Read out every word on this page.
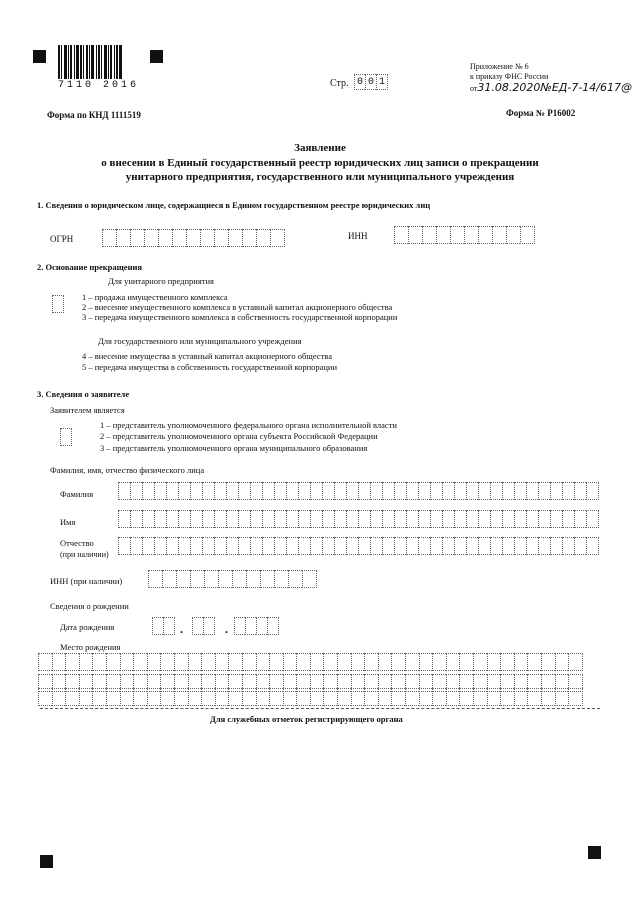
7110 2016	Стр. 0 0 1
Приложение № 6
к приказу ФНС России
от31.08.2020№ЕД-7-14/617@
Форма по КНД 1111519	Форма № Р16002
Заявление
о внесении в Единый государственный реестр юридических лиц записи о прекращении
унитарного предприятия, государственного или муниципального учреждения
1. Сведения о юридическом лице, содержащиеся в Едином государственном реестре юридических лиц
ОГРН	ИНН
2. Основание прекращения
Для унитарного предприятия
1 – продажа имущественного комплекса
2 – внесение имущественного комплекса в уставный капитал акционерного общества
3 – передача имущественного комплекса в собственность государственной корпорации
Для государственного или муниципального учреждения
4 – внесение имущества в уставный капитал акционерного общества
5 – передача имущества в собственность государственной корпорации
3. Сведения о заявителе
Заявителем является
1 – представитель уполномоченного федерального органа исполнительной власти
2 – представитель уполномоченного органа субъекта Российской Федерации
3 – представитель уполномоченного органа муниципального образования
Фамилия, имя, отчество физического лица
Фамилия
Имя
Отчество
(при наличии)
ИНН (при наличии)
Сведения о рождении
Дата рождения	.	.
Место рождения
Для служебных отметок регистрирующего органа
